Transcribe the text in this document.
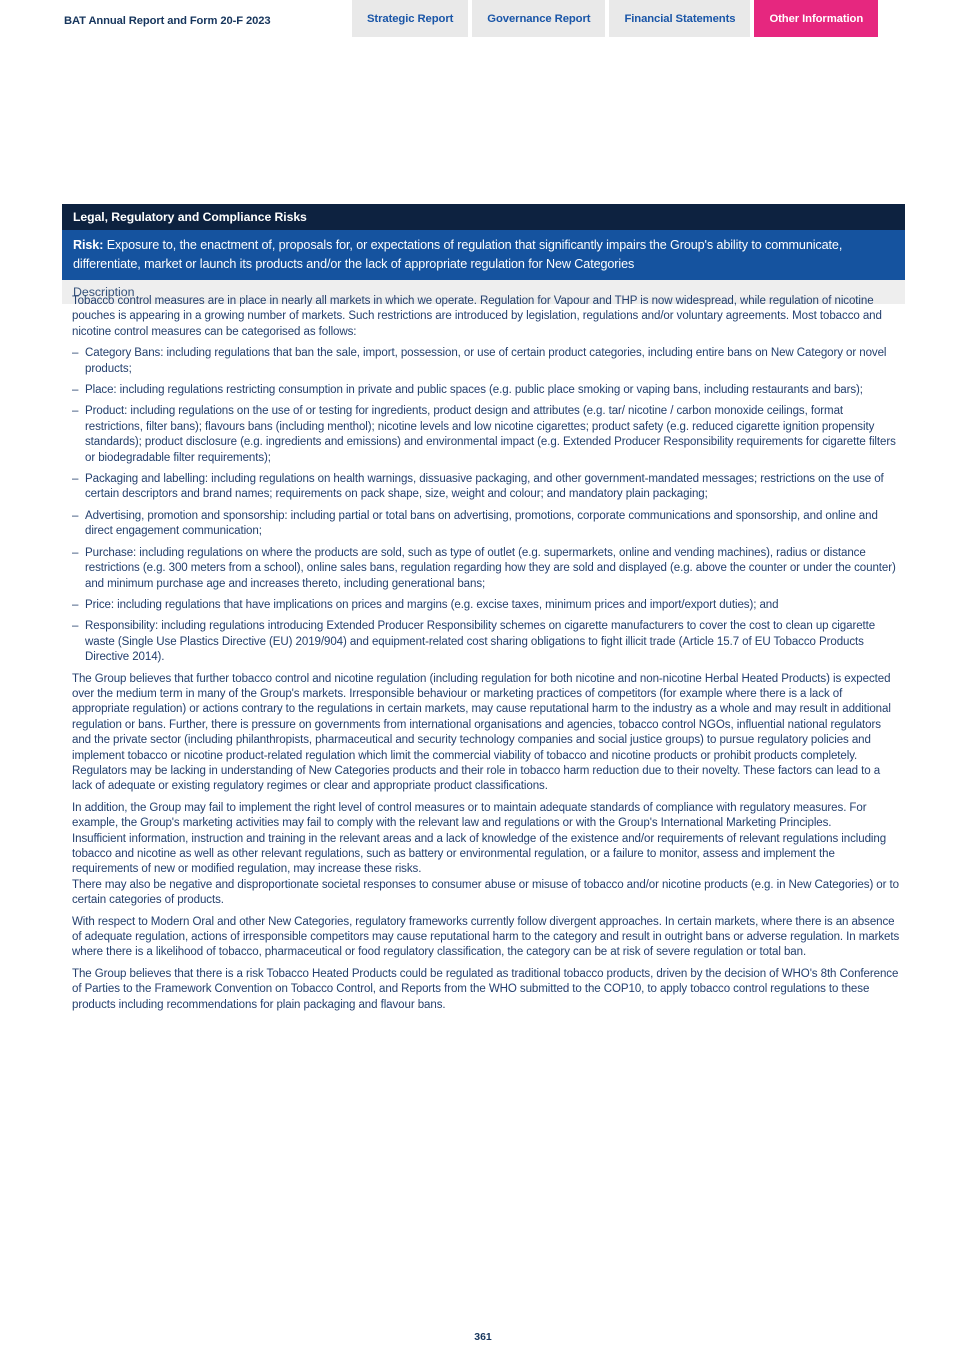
BAT Annual Report and Form 20-F 2023	Strategic Report	Governance Report	Financial Statements	Other Information
Legal, Regulatory and Compliance Risks
Risk: Exposure to, the enactment of, proposals for, or expectations of regulation that significantly impairs the Group's ability to communicate, differentiate, market or launch its products and/or the lack of appropriate regulation for New Categories
Description

Tobacco control measures are in place in nearly all markets in which we operate. Regulation for Vapour and THP is now widespread, while regulation of nicotine pouches is appearing in a growing number of markets. Such restrictions are introduced by legislation, regulations and/or voluntary agreements. Most tobacco and nicotine control measures can be categorised as follows:

– Category Bans: including regulations that ban the sale, import, possession, or use of certain product categories, including entire bans on New Category or novel products;
– Place: including regulations restricting consumption in private and public spaces (e.g. public place smoking or vaping bans, including restaurants and bars);
– Product: including regulations on the use of or testing for ingredients, product design and attributes (e.g. tar/ nicotine / carbon monoxide ceilings, format restrictions, filter bans); flavours bans (including menthol); nicotine levels and low nicotine cigarettes; product safety (e.g. reduced cigarette ignition propensity standards); product disclosure (e.g. ingredients and emissions) and environmental impact (e.g. Extended Producer Responsibility requirements for cigarette filters or biodegradable filter requirements);
– Packaging and labelling: including regulations on health warnings, dissuasive packaging, and other government-mandated messages; restrictions on the use of certain descriptors and brand names; requirements on pack shape, size, weight and colour; and mandatory plain packaging;
– Advertising, promotion and sponsorship: including partial or total bans on advertising, promotions, corporate communications and sponsorship, and online and direct engagement communication;
– Purchase: including regulations on where the products are sold, such as type of outlet (e.g. supermarkets, online and vending machines), radius or distance restrictions (e.g. 300 meters from a school), online sales bans, regulation regarding how they are sold and displayed (e.g. above the counter or under the counter) and minimum purchase age and increases thereto, including generational bans;
– Price: including regulations that have implications on prices and margins (e.g. excise taxes, minimum prices and import/export duties); and
– Responsibility: including regulations introducing Extended Producer Responsibility schemes on cigarette manufacturers to cover the cost to clean up cigarette waste (Single Use Plastics Directive (EU) 2019/904) and equipment-related cost sharing obligations to fight illicit trade (Article 15.7 of EU Tobacco Products Directive 2014).

The Group believes that further tobacco control and nicotine regulation (including regulation for both nicotine and non-nicotine Herbal Heated Products) is expected over the medium term in many of the Group's markets. Irresponsible behaviour or marketing practices of competitors (for example where there is a lack of appropriate regulation) or actions contrary to the regulations in certain markets, may cause reputational harm to the industry as a whole and may result in additional regulation or bans. Further, there is pressure on governments from international organisations and agencies, tobacco control NGOs, influential national regulators and the private sector (including philanthropists, pharmaceutical and security technology companies and social justice groups) to pursue regulatory policies and implement tobacco or nicotine product-related regulation which limit the commercial viability of tobacco and nicotine products or prohibit products completely. Regulators may be lacking in understanding of New Categories products and their role in tobacco harm reduction due to their novelty. These factors can lead to a lack of adequate or existing regulatory regimes or clear and appropriate product classifications.

In addition, the Group may fail to implement the right level of control measures or to maintain adequate standards of compliance with regulatory measures. For example, the Group's marketing activities may fail to comply with the relevant law and regulations or with the Group's International Marketing Principles.

Insufficient information, instruction and training in the relevant areas and a lack of knowledge of the existence and/or requirements of relevant regulations including tobacco and nicotine as well as other relevant regulations, such as battery or environmental regulation, or a failure to monitor, assess and implement the requirements of new or modified regulation, may increase these risks.

There may also be negative and disproportionate societal responses to consumer abuse or misuse of tobacco and/or nicotine products (e.g. in New Categories) or to certain categories of products.

With respect to Modern Oral and other New Categories, regulatory frameworks currently follow divergent approaches. In certain markets, where there is an absence of adequate regulation, actions of irresponsible competitors may cause reputational harm to the category and result in outright bans or adverse regulation. In markets where there is a likelihood of tobacco, pharmaceutical or food regulatory classification, the category can be at risk of severe regulation or total ban.

The Group believes that there is a risk Tobacco Heated Products could be regulated as traditional tobacco products, driven by the decision of WHO's 8th Conference of Parties to the Framework Convention on Tobacco Control, and Reports from the WHO submitted to the COP10, to apply tobacco control regulations to these products including recommendations for plain packaging and flavour bans.

361
